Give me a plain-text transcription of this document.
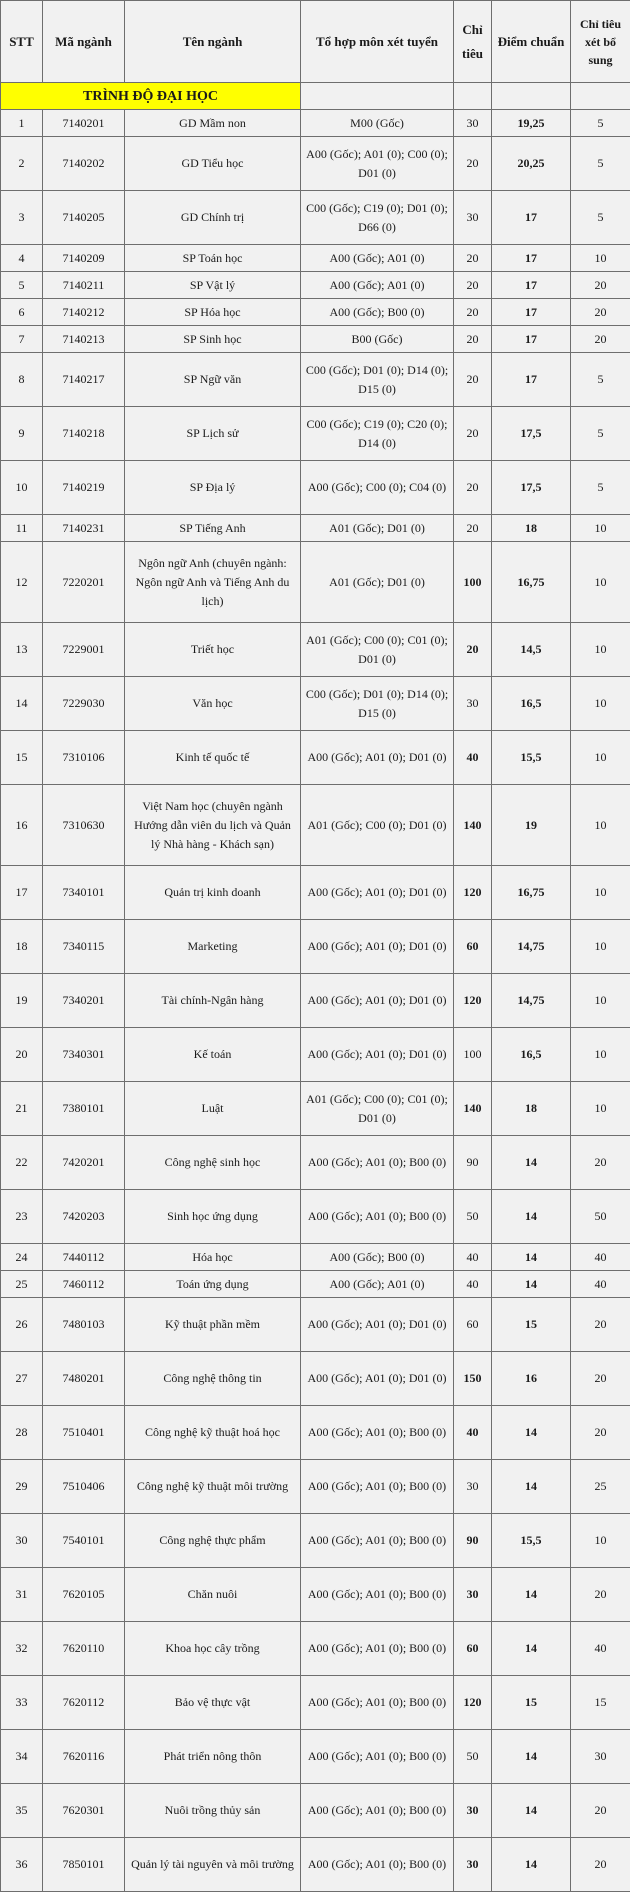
STT	Mã ngành	Tên ngành	Tổ hợp môn xét tuyển	Chỉ tiêu	Điểm chuẩn	Chỉ tiêu xét bổ sung
TRÌNH ĐỘ ĐẠI HỌC						
1	7140201	GD Mầm non	M00 (Gốc)	30	19,25	5
2	7140202	GD Tiểu học	A00 (Gốc); A01 (0); C00 (0); D01 (0)	20	20,25	5
3	7140205	GD Chính trị	C00 (Gốc); C19 (0); D01 (0); D66 (0)	30	17	5
4	7140209	SP Toán học	A00 (Gốc); A01 (0)	20	17	10
5	7140211	SP Vật lý	A00 (Gốc); A01 (0)	20	17	20
6	7140212	SP Hóa học	A00 (Gốc); B00 (0)	20	17	20
7	7140213	SP Sinh học	B00 (Gốc)	20	17	20
8	7140217	SP Ngữ văn	C00 (Gốc); D01 (0); D14 (0); D15 (0)	20	17	5
9	7140218	SP Lịch sử	C00 (Gốc); C19 (0); C20 (0); D14 (0)	20	17,5	5
10	7140219	SP Địa lý	A00 (Gốc); C00 (0); C04 (0)	20	17,5	5
11	7140231	SP Tiếng Anh	A01 (Gốc); D01 (0)	20	18	10
12	7220201	Ngôn ngữ Anh (chuyên ngành: Ngôn ngữ Anh và Tiếng Anh du lịch)	A01 (Gốc); D01 (0)	100	16,75	10
13	7229001	Triết học	A01 (Gốc); C00 (0); C01 (0); D01 (0)	20	14,5	10
14	7229030	Văn học	C00 (Gốc); D01 (0); D14 (0); D15 (0)	30	16,5	10
15	7310106	Kinh tế quốc tế	A00 (Gốc); A01 (0); D01 (0)	40	15,5	10
16	7310630	Việt Nam học (chuyên ngành Hướng dẫn viên du lịch và Quản lý Nhà hàng - Khách sạn)	A01 (Gốc); C00 (0); D01 (0)	140	19	10
17	7340101	Quản trị kinh doanh	A00 (Gốc); A01 (0); D01 (0)	120	16,75	10
18	7340115	Marketing	A00 (Gốc); A01 (0); D01 (0)	60	14,75	10
19	7340201	Tài chính-Ngân hàng	A00 (Gốc); A01 (0); D01 (0)	120	14,75	10
20	7340301	Kế toán	A00 (Gốc); A01 (0); D01 (0)	100	16,5	10
21	7380101	Luật	A01 (Gốc); C00 (0); C01 (0); D01 (0)	140	18	10
22	7420201	Công nghệ sinh học	A00 (Gốc); A01 (0); B00 (0)	90	14	20
23	7420203	Sinh học ứng dụng	A00 (Gốc); A01 (0); B00 (0)	50	14	50
24	7440112	Hóa học	A00 (Gốc); B00 (0)	40	14	40
25	7460112	Toán ứng dụng	A00 (Gốc); A01 (0)	40	14	40
26	7480103	Kỹ thuật phần mềm	A00 (Gốc); A01 (0); D01 (0)	60	15	20
27	7480201	Công nghệ thông tin	A00 (Gốc); A01 (0); D01 (0)	150	16	20
28	7510401	Công nghệ kỹ thuật hoá học	A00 (Gốc); A01 (0); B00 (0)	40	14	20
29	7510406	Công nghệ kỹ thuật môi trường	A00 (Gốc); A01 (0); B00 (0)	30	14	25
30	7540101	Công nghệ thực phẩm	A00 (Gốc); A01 (0); B00 (0)	90	15,5	10
31	7620105	Chăn nuôi	A00 (Gốc); A01 (0); B00 (0)	30	14	20
32	7620110	Khoa học cây trồng	A00 (Gốc); A01 (0); B00 (0)	60	14	40
33	7620112	Bảo vệ thực vật	A00 (Gốc); A01 (0); B00 (0)	120	15	15
34	7620116	Phát triển nông thôn	A00 (Gốc); A01 (0); B00 (0)	50	14	30
35	7620301	Nuôi trồng thủy sản	A00 (Gốc); A01 (0); B00 (0)	30	14	20
36	7850101	Quản lý tài nguyên và môi trường	A00 (Gốc); A01 (0); B00 (0)	30	14	20
